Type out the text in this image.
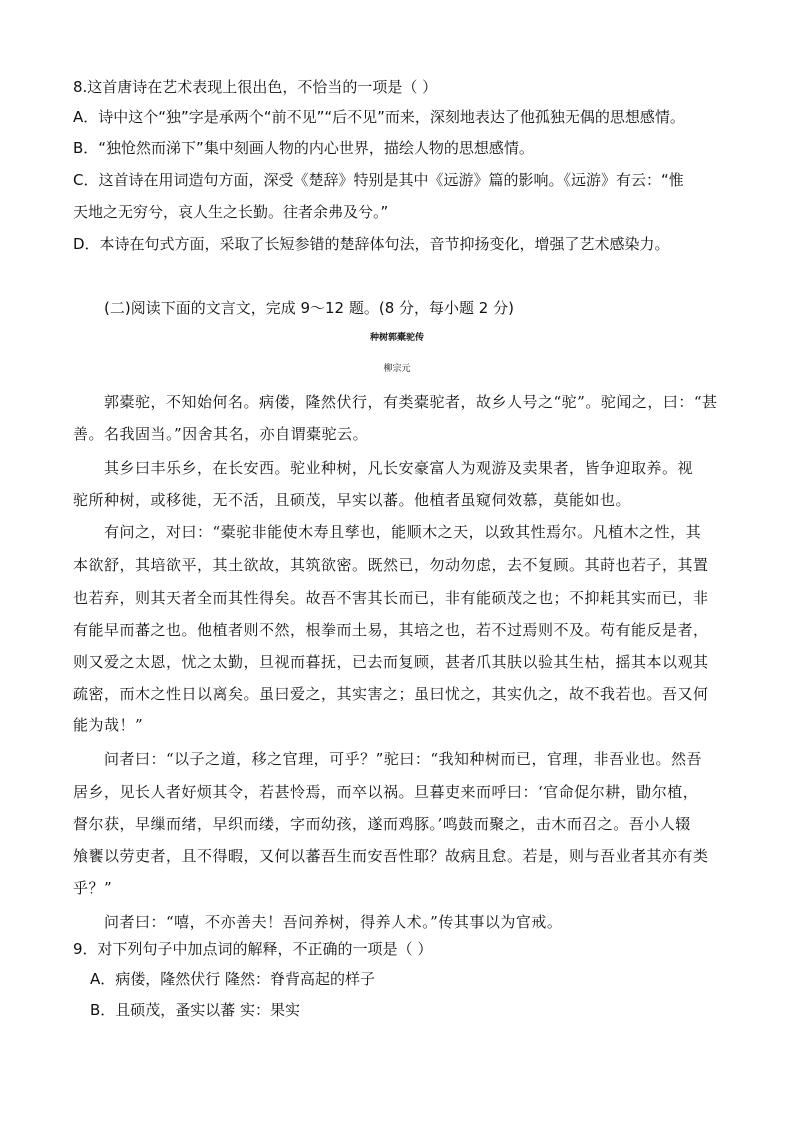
8.这首唐诗在艺术表现上很出色，不恰当的一项是（ ）
A．诗中这个“独”字是承两个“前不见”“后不见”而来，深刻地表达了他孤独无偶的思想感情。
B．“独怆然而涕下”集中刻画人物的内心世界，描绘人物的思想感情。
C．这首诗在用词造句方面，深受《楚辞》特别是其中《远游》篇的影响。《远游》有云：“惟
天地之无穷兮，哀人生之长勤。往者余弗及兮。”
D．本诗在句式方面，采取了长短参错的楚辞体句法，音节抑扬变化，增强了艺术感染力。
(二)阅读下面的文言文，完成 9～12 题。(8 分，每小题 2 分)
种树郭橐驼传
柳宗元
郭橐驼，不知始何名。病偻，隆然伏行，有类橐驼者，故乡人号之“驼”。驼闻之，曰：“甚
善。名我固当。”因舍其名，亦自谓橐驼云。
其乡曰丰乐乡，在长安西。驼业种树，凡长安豪富人为观游及卖果者，皆争迎取养。视
驼所种树，或移徙，无不活，且硕茂，早实以蕃。他植者虽窥伺效慕，莫能如也。
有问之，对曰：“橐驼非能使木寿且孳也，能顺木之天，以致其性焉尔。凡植木之性，其
本欲舒，其培欲平，其土欲故，其筑欲密。既然已，勿动勿虑，去不复顾。其莳也若子，其置
也若弃，则其天者全而其性得矣。故吾不害其长而已，非有能硕茂之也；不抑耗其实而已，非
有能早而蕃之也。他植者则不然，根拳而土易，其培之也，若不过焉则不及。苟有能反是者，
则又爱之太恩，忧之太勤，旦视而暮抚，已去而复顾，甚者爪其肤以验其生枯，摇其本以观其
疏密，而木之性日以离矣。虽曰爱之，其实害之；虽曰忧之，其实仇之，故不我若也。吾又何
能为哉！”
问者曰：“以子之道，移之官理，可乎？”驼曰：“我知种树而已，官理，非吾业也。然吾
居乡，见长人者好烦其令，若甚怜焉，而卒以祸。旦暮吏来而呼曰：‘官命促尔耕，勖尔植，
督尔获，早缫而绪，早织而缕，字而幼孩，遂而鸡豚。’鸣鼓而聚之，击木而召之。吾小人辍
飧饔以劳吏者，且不得暇，又何以蕃吾生而安吾性耶？故病且怠。若是，则与吾业者其亦有类
乎？”
问者曰：“嘻，不亦善夫！吾问养树，得养人术。”传其事以为官戒。
9．对下列句子中加点词的解释，不正确的一项是（ ）
A．病偻，隆然伏行 隆然：脊背高起的样子
B．且硕茂，蚤实以蕃 实：果实
